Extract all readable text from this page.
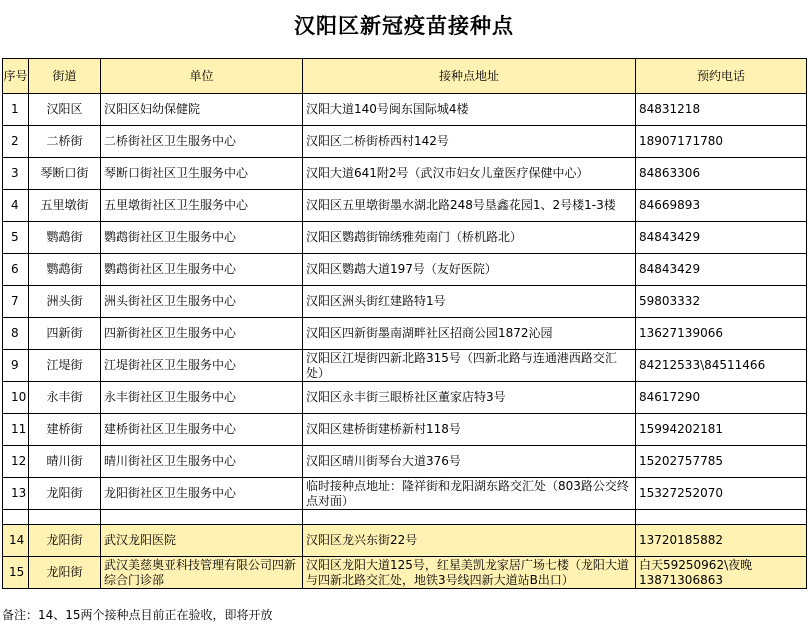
汉阳区新冠疫苗接种点
序号	街道	单位	接种点地址	预约电话
1	汉阳区	汉阳区妇幼保健院	汉阳大道140号闽东国际城4楼	84831218
2	二桥街	二桥街社区卫生服务中心	汉阳区二桥街桥西村142号	18907171780
3	琴断口街	琴断口街社区卫生服务中心	汉阳大道641附2号（武汉市妇女儿童医疗保健中心）	84863306
4	五里墩街	五里墩街社区卫生服务中心	汉阳区五里墩街墨水湖北路248号垦鑫花园1、2号楼1-3楼	84669893
5	鹦鹉街	鹦鹉街社区卫生服务中心	汉阳区鹦鹉街锦绣雅苑南门（桥机路北）	84843429
6	鹦鹉街	鹦鹉街社区卫生服务中心	汉阳区鹦鹉大道197号（友好医院）	84843429
7	洲头街	洲头街社区卫生服务中心	汉阳区洲头街红建路特1号	59803332
8	四新街	四新街社区卫生服务中心	汉阳区四新街墨南湖畔社区招商公园1872沁园	13627139066
9	江堤街	江堤街社区卫生服务中心	汉阳区江堤街四新北路315号（四新北路与连通港西路交汇处）	84212533\84511466
10	永丰街	永丰街社区卫生服务中心	汉阳区永丰街三眼桥社区董家店特3号	84617290
11	建桥街	建桥街社区卫生服务中心	汉阳区建桥街建桥新村118号	15994202181
12	晴川街	晴川街社区卫生服务中心	汉阳区晴川街琴台大道376号	15202757785
13	龙阳街	龙阳街社区卫生服务中心	临时接种点地址：隆祥街和龙阳湖东路交汇处（803路公交终点对面）	15327252070

14	龙阳街	武汉龙阳医院	汉阳区龙兴东街22号	13720185882
15	龙阳街	武汉美慈奥亚科技管理有限公司四新综合门诊部	汉阳区龙阳大道125号，红星美凯龙家居广场七楼（龙阳大道与四新北路交汇处，地铁3号线四新大道站B出口）	白天59250962\夜晚13871306863
备注：14、15两个接种点目前正在验收，即将开放
